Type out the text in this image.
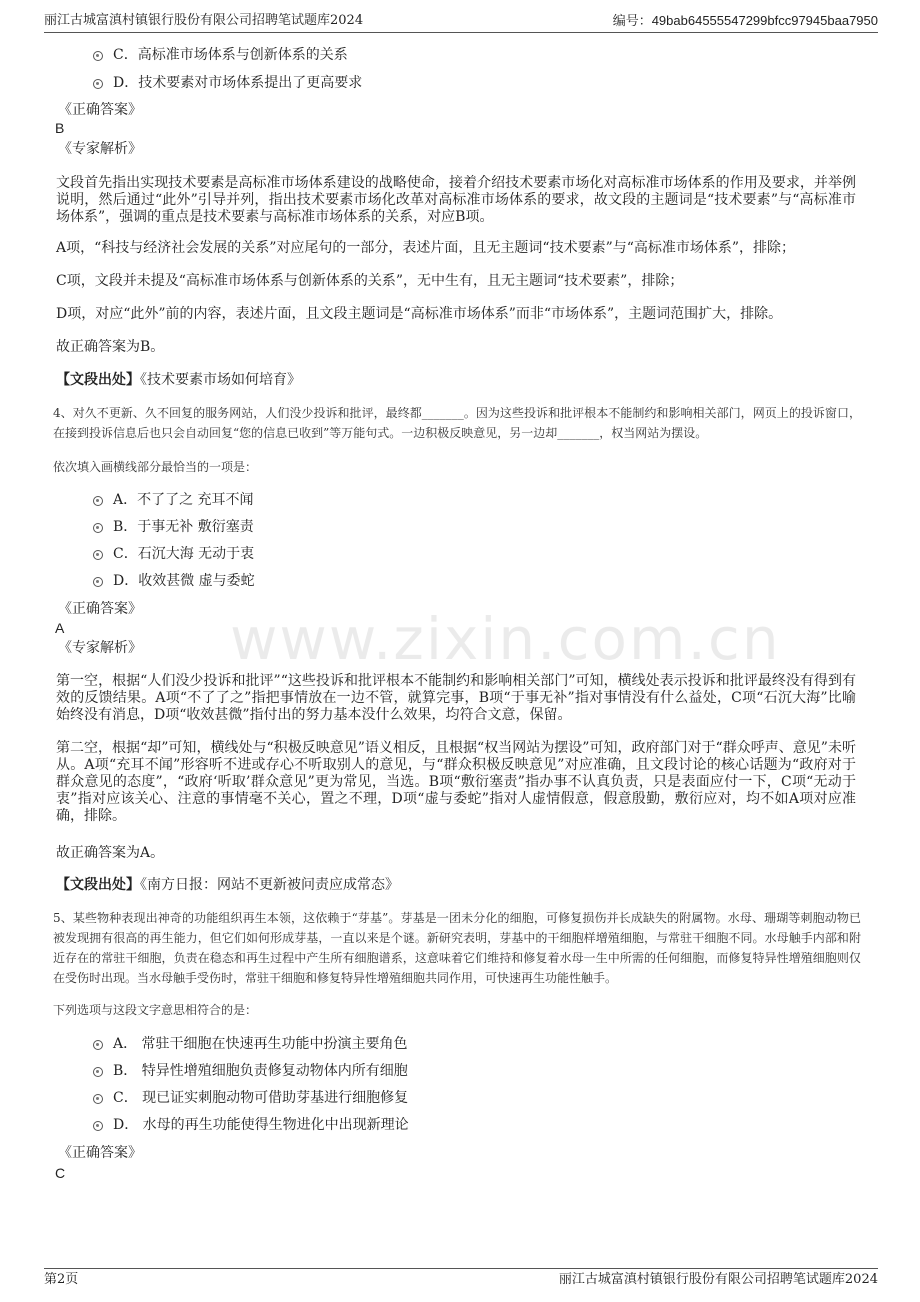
丽江古城富滇村镇银行股份有限公司招聘笔试题库2024	编号：49bab64555547299bfcc97945baa7950
www.zixin.com.cn
C．高标准市场体系与创新体系的关系
D．技术要素对市场体系提出了更高要求
《正确答案》
B
《专家解析》
文段首先指出实现技术要素是高标准市场体系建设的战略使命，接着介绍技术要素市场化对高标准市场体系的作用及要求，并举例说明，然后通过“此外”引导并列，指出技术要素市场化改革对高标准市场体系的要求，故文段的主题词是“技术要素”与“高标准市场体系”，强调的重点是技术要素与高标准市场体系的关系，对应B项。
A项，“科技与经济社会发展的关系”对应尾句的一部分，表述片面，且无主题词“技术要素”与“高标准市场体系”，排除；
C项，文段并未提及“高标准市场体系与创新体系的关系”，无中生有，且无主题词“技术要素”，排除；
D项，对应“此外”前的内容，表述片面，且文段主题词是“高标准市场体系”而非“市场体系”，主题词范围扩大，排除。
故正确答案为B。
【文段出处】《技术要素市场如何培育》
4、对久不更新、久不回复的服务网站，人们没少投诉和批评，最终都_______。因为这些投诉和批评根本不能制约和影响相关部门，网页上的投诉窗口，在接到投诉信息后也只会自动回复“您的信息已收到”等万能句式。一边积极反映意见，另一边却_______，权当网站为摆设。
依次填入画横线部分最恰当的一项是：
A．不了了之 充耳不闻
B．于事无补 敷衍塞责
C．石沉大海 无动于衷
D．收效甚微 虚与委蛇
《正确答案》
A
《专家解析》
第一空，根据“人们没少投诉和批评”“这些投诉和批评根本不能制约和影响相关部门”可知，横线处表示投诉和批评最终没有得到有效的反馈结果。A项“不了了之”指把事情放在一边不管，就算完事，B项“于事无补”指对事情没有什么益处，C项“石沉大海”比喻始终没有消息，D项“收效甚微”指付出的努力基本没什么效果，均符合文意，保留。
第二空，根据“却”可知，横线处与“积极反映意见”语义相反，且根据“权当网站为摆设”可知，政府部门对于“群众呼声、意见”未听从。A项“充耳不闻”形容听不进或存心不听取别人的意见，与“群众积极反映意见”对应准确，且文段讨论的核心话题为“政府对于群众意见的态度”，“政府‘听取’群众意见”更为常见，当选。B项“敷衍塞责”指办事不认真负责，只是表面应付一下，C项“无动于衷”指对应该关心、注意的事情毫不关心，置之不理，D项“虚与委蛇”指对人虚情假意，假意殷勤，敷衍应对，均不如A项对应准确，排除。
故正确答案为A。
【文段出处】《南方日报：网站不更新被问责应成常态》
5、某些物种表现出神奇的功能组织再生本领，这依赖于“芽基”。芽基是一团未分化的细胞，可修复损伤并长成缺失的附属物。水母、珊瑚等刺胞动物已被发现拥有很高的再生能力，但它们如何形成芽基，一直以来是个谜。新研究表明，芽基中的干细胞样增殖细胞，与常驻干细胞不同。水母触手内部和附近存在的常驻干细胞，负责在稳态和再生过程中产生所有细胞谱系，这意味着它们维持和修复着水母一生中所需的任何细胞，而修复特异性增殖细胞则仅在受伤时出现。当水母触手受伤时，常驻干细胞和修复特异性增殖细胞共同作用，可快速再生功能性触手。
下列选项与这段文字意思相符合的是：
A． 常驻干细胞在快速再生功能中扮演主要角色
B． 特异性增殖细胞负责修复动物体内所有细胞
C． 现已证实刺胞动物可借助芽基进行细胞修复
D． 水母的再生功能使得生物进化中出现新理论
《正确答案》
C
第2页	丽江古城富滇村镇银行股份有限公司招聘笔试题库2024
